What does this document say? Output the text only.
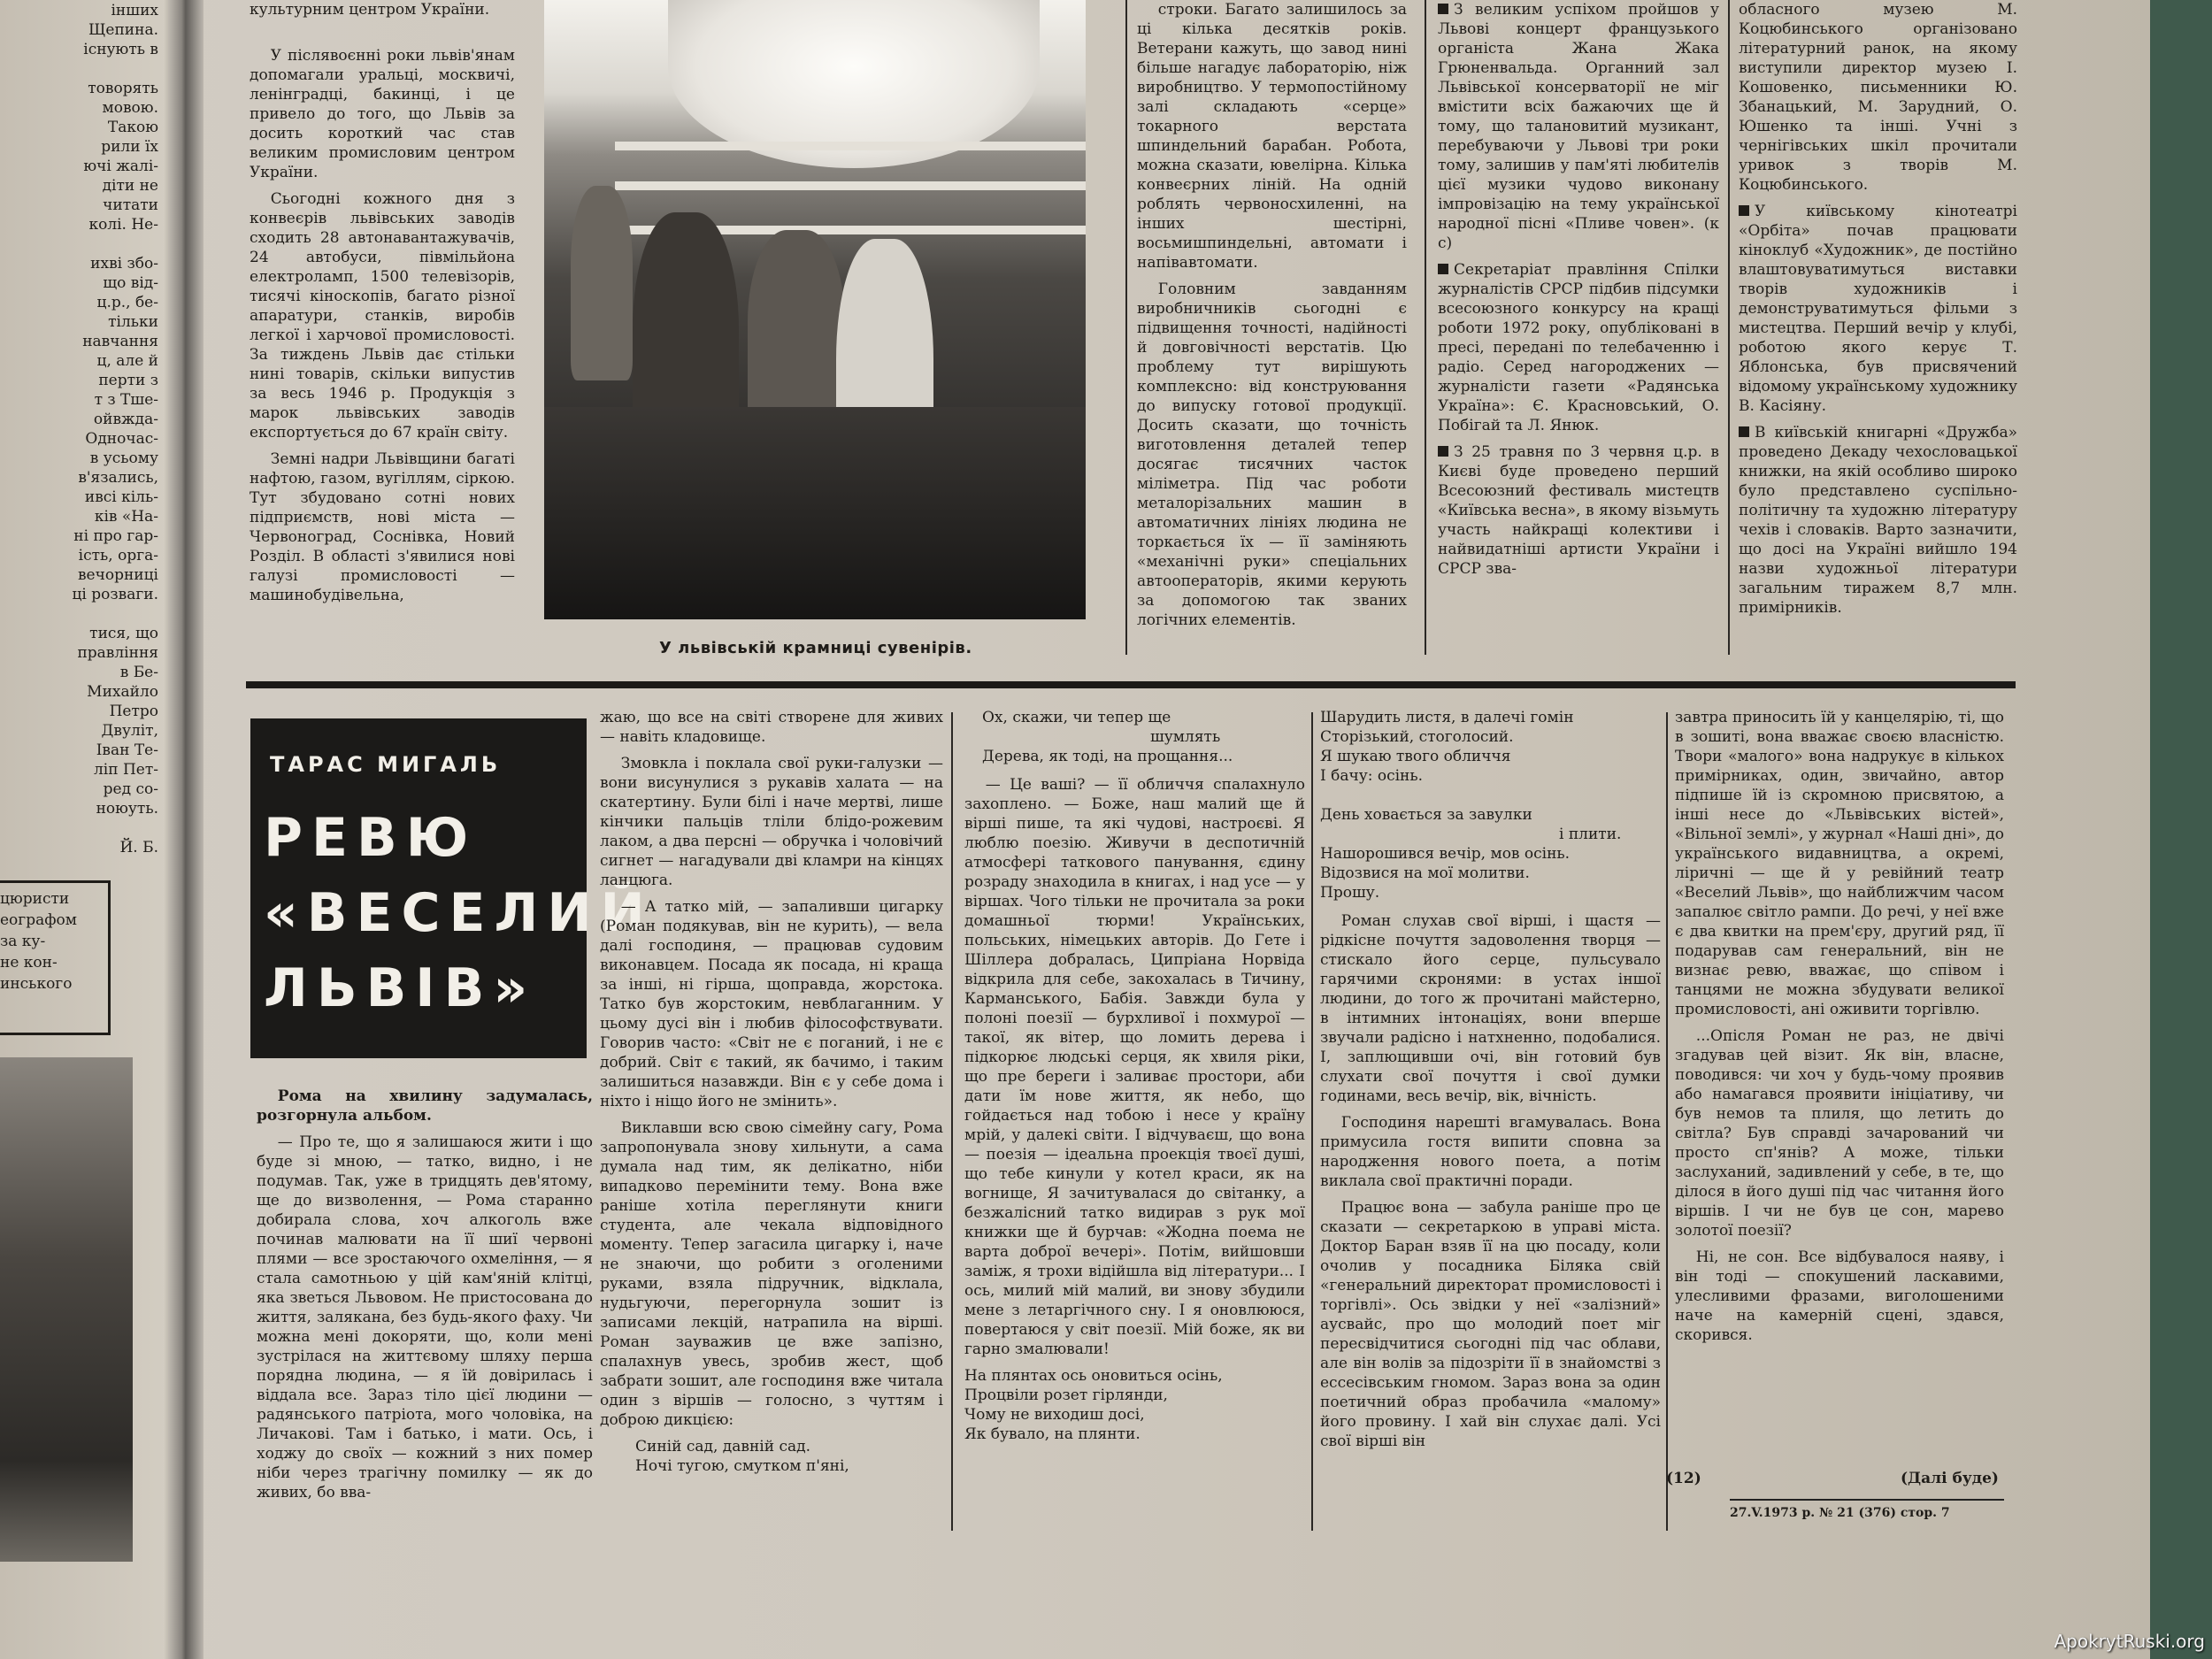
інших
Щепина.
існують в
товорять
мовою.
Такою
рили їх
ючі жалі-
діти не
читати
колі. Не-
ихві збо-
що від-
ц.р., бе-
тільки
навчання
ц, але й
перти з
т з Тше-
ойвжда-
Одночас-
в усьому
в'язались,
ивсі кіль-
ків «На-
ні про гар-
ість, орга-
вечорниці
ці розваги.
тися, що
правління
в Бе-
Михайло
Петро
Двуліт,
Іван Те-
ліп Пет-
ред со-
ноюуть.
Й. Б.
цюристи
еографом
за ку-
не кон-
инського

культурним центром України.

У післявоєнні роки львів'янам допомагали уральці, москвичі, ленінградці, бакинці, і це привело до того, що Львів за досить короткий час став великим промисловим центром України.

Сьогодні кожного дня з конвеєрів львівських заводів сходить 28 автонавантажувачів, 24 автобуси, півмільйона електроламп, 1500 телевізорів, тисячі кіноскопів, багато різної апаратури, станків, виробів легкої і харчової промисловості. За тиждень Львів дає стільки нині товарів, скільки випустив за весь 1946 р. Продукція з марок львівських заводів експортується до 67 країн світу.

Земні надри Львівщини багаті нафтою, газом, вугіллям, сіркою. Тут збудовано сотні нових підприємств, нові міста — Червоноград, Соснівка, Новий Розділ. В області з'явилися нові галузі промисловості — машинобудівельна,

У львівській крамниці сувенірів.

строки. Багато залишилось за ці кілька десятків років. Ветерани кажуть, що завод нині більше нагадує лабораторію, ніж виробництво. У термопостійному залі складають «серце» токарного верстата шпиндельний барабан. Робота, можна сказати, ювелірна. Кілька конвеєрних ліній. На одній роблять червоносхиленні, на інших шестірні, восьмишпиндельні, автомати і напівавтомати.

Головним завданням виробничників сьогодні є підвищення точності, надійності й довговічності верстатів. Цю проблему тут вирішують комплексно: від конструювання до випуску готової продукції. Досить сказати, що точність виготовлення деталей тепер досягає тисячних часток міліметра. Під час роботи металорізальних машин в автоматичних лініях людина не торкається їх — її заміняють «механічні руки» спеціальних автооператорів, якими керують за допомогою так званих логічних елементів.

З великим успіхом пройшов у Львові концерт французького органіста Жана Жака Грюненвальда. Органний зал Львівської консерваторії не міг вмістити всіх бажаючих ще й тому, що талановитий музикант, перебуваючи у Львові три роки тому, залишив у пам'яті любителів цієї музики чудово виконану імпровізацію на тему української народної пісні «Пливе човен». (к с)

Секретаріат правління Спілки журналістів СРСР підбив підсумки всесоюзного конкурсу на кращі роботи 1972 року, опубліковані в пресі, передані по телебаченню і радіо. Серед нагороджених — журналісти газети «Радянська Україна»: Є. Красновський, О. Побігай та Л. Янюк.

З 25 травня по 3 червня ц.р. в Києві буде проведено перший Всесоюзний фестиваль мистецтв «Київська весна», в якому візьмуть участь найкращі колективи і найвидатніші артисти України і СРСР зва-

обласного музею М. Коцюбинського організовано літературний ранок, на якому виступили директор музею І. Кошовенко, письменники Ю. Збанацький, М. Зарудний, О. Юшенко та інші. Учні з чернігівських шкіл прочитали уривок з творів М. Коцюбинського.

У київському кінотеатрі «Орбіта» почав працювати кіноклуб «Художник», де постійно влаштовуватимуться виставки творів художників і демонструватимуться фільми з мистецтва. Перший вечір у клубі, роботою якого керує Т. Яблонська, був присвячений відомому українському художнику В. Касіяну.

В київській книгарні «Дружба» проведено Декаду чехословацької книжки, на якій особливо широко було представлено суспільно-політичну та художню літературу чехів і словаків. Варто зазначити, що досі на Україні вийшло 194 назви художньої літератури загальним тиражем 8,7 млн. примірників.

ТАРАС МИГАЛЬ
РЕВЮ
«ВЕСЕЛИЙ
ЛЬВІВ»

Рома на хвилину задумалась, розгорнула альбом.

— Про те, що я залишаюся жити і що буде зі мною, — татко, видно, і не подумав. Так, уже в тридцять дев'ятому, ще до визволення, — Рома старанно добирала слова, хоч алкоголь вже починав малювати на її шиї червоні плями — все зростаючого охмеління, — я стала самотньою у цій кам'яній клітці, яка зветься Львовом. Не пристосована до життя, заляканa, без будь-якого фаху. Чи можна мені докоряти, що, коли мені зустрілася на життєвому шляху перша порядна людина, — я їй довірилась і віддала все. Зараз тіло цієї людини — радянського патріота, мого чоловіка, на Личакові. Там і батько, і мати. Ось, і ходжу до своїх — кожний з них помер ніби через трагічну помилку — як до живих, бо вва-

жаю, що все на світі створене для живих — навіть кладовище.

Змовкла і поклала свої руки-галузки — вони висунулися з рукавів халата — на скатертину. Були білі і наче мертві, лише кінчики пальців тліли блідо-рожевим лаком, а два персні — обручка і чоловічий сигнет — нагадували дві кламри на кінцях ланцюга.

— А татко мій, — запаливши цигарку (Роман подякував, він не курить), — вела далі господиня, — працював судовим виконавцем. Посада як посада, ні краща за інші, ні гірша, щоправда, жорстока. Татко був жорстоким, невблаганним. У цьому дусі він і любив філософствувати. Говорив часто: «Світ не є поганий, і не є добрий. Світ є такий, як бачимо, і таким залишиться назавжди. Він є у себе дома і ніхто і ніщо його не змінить».

Виклавши всю свою сімейну сагу, Рома запропонувала знову хильнути, а сама думала над тим, як делікатно, ніби випадково перемінити тему. Вона вже раніше хотіла переглянути книги студента, але чекала відповідного моменту. Тепер загасила цигарку і, наче не знаючи, що робити з оголеними руками, взяла підручник, відклала, нудьгуючи, перегорнула зошит із записами лекцій, натрапила на вірші. Роман зауважив це вже запізно, спалахнув увесь, зробив жест, щоб забрати зошит, але господиня вже читала один з віршів — голосно, з чуттям і доброю дикцією:

Синій сад, давній сад.
Ночі тугою, смутком п'яні,
Ох, скажи, чи тепер ще
шумлять
Дерева, як тоді, на прощання...

— Це ваші? — її обличчя спалахнуло захоплено. — Боже, наш малий ще й вірші пише, та які чудові, настроєві. Я люблю поезію. Живучи в деспотичній атмосфері таткового панування, єдину розраду знаходила в книгах, і над усе — у віршах. Чого тільки не прочитала за роки домашньої тюрми! Українських, польських, німецьких авторів. До Гете і Шіллера добралась, Ципріана Норвіда відкрила для себе, закохалась в Тичину, Карманського, Бабія. Завжди була у полоні поезії — бурхливої і похмурої — такої, як вітер, що ломить дерева і підкорює людські серця, як хвиля ріки, що пре береги і заливає простори, аби дати їм нове життя, як небо, що гойдається над тобою і несе у країну мрій, у далекі світи. І відчуваєш, що вона — поезія — ідеальна проекція твоєї душі, що тебе кинули у котел краси, як на вогнище, Я зачитувалася до світанку, а безжалісний татко видирав з рук мої книжки ще й бурчав: «Жодна поема не варта доброї вечері». Потім, вийшовши заміж, я трохи відійшла від літератури... І ось, милий мій малий, ви знову збудили мене з летаргічного сну. І я оновлююся, повертаюся у світ поезії. Мій боже, як ви гарно змалювали!

На плянтах ось оновиться осінь,
Процвіли розет гірлянди,
Чому не виходиш досі,
Як бувало, на плянти.
Шарудить листя, в далечі гомін
Сторізький, стоголосий.
Я шукаю твого обличчя
І бачу: осінь.
День ховається за завулки
і плити.
Нашорошився вечір, мов осінь.
Відозвися на мої молитви.
Прошу.

Роман слухав свої вірші, і щастя — рідкісне почуття задоволення творця — стискало його серце, пульсувало гарячими скронями: в устах іншої людини, до того ж прочитані майстерно, в інтимних інтонаціях, вони вперше звучали радісно і натхненно, подобалися. І, заплющивши очі, він готовий був слухати свої почуття і свої думки годинами, весь вечір, вік, вічність.

Господиня нарешті вгамувалась. Вона примусила гостя випити сповна за народження нового поета, а потім виклала свої практичні поради.

Працює вона — забула раніше про це сказати — секретаркою в управі міста. Доктор Баран взяв її на цю посаду, коли очолив у посадника Біляка свій «генеральний директорат промисловості і торгівлі». Ось звідки у неї «залізний» аусвайс, про що молодий поет міг пересвідчитися сьогодні під час облави, але він волів за підозріти її в знайомстві з ессесівським гномом. Зараз вона за один поетичний образ пробачила «малому» його провину. І хай він слухає далі. Усі свої вірші він

завтра приносить їй у канцелярію, ті, що в зошиті, вона вважає своєю власністю. Твори «малого» вона надрукує в кількох примірниках, один, звичайно, автор підпише їй із скромною присвятою, а інші несе до «Львівських вістей», «Вільної землі», у журнал «Наші дні», до українського видавництва, а окремі, ліричні — ще й у ревійний театр «Веселий Львів», що найближчим часом запалює світло рампи. До речі, у неї вже є два квитки на прем'єру, другий ряд, її подарував сам генеральний, він не визнає ревю, вважає, що співом і танцями не можна збудувати великої промисловості, ані оживити торгівлю.

...Опісля Роман не раз, не двічі згадував цей візит. Як він, власне, поводився: чи хоч у будь-чому проявив або намагався проявити ініціативу, чи був немов та плиля, що летить до світла? Був справді зачарований чи просто сп'янів? А може, тільки заслуханий, задивлений у себе, в те, що ділося в його душі під час читання його віршів. І чи не був це сон, марево золотої поезії?

Ні, не сон. Все відбувалося наяву, і він тоді — спокушений ласкавими, улесливими фразами, виголошеними наче на камерній сцені, здався, скорився.

(12)	(Далі буде)
27.V.1973 р. № 21 (376) стор. 7
ApokrytRuski.org
